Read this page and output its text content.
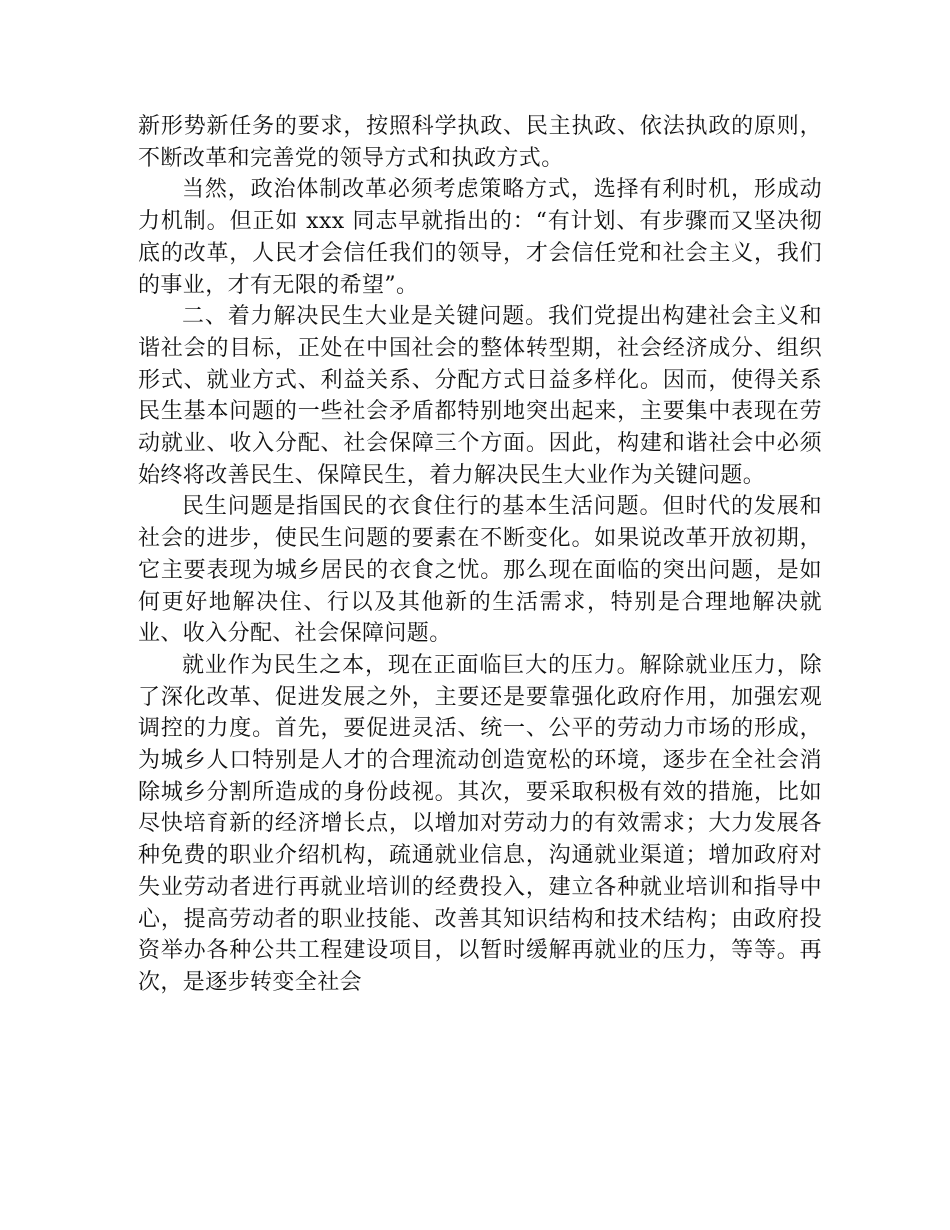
新形势新任务的要求，按照科学执政、民主执政、依法执政的原则，不断改革和完善党的领导方式和执政方式。

当然，政治体制改革必须考虑策略方式，选择有利时机，形成动力机制。但正如 xxx 同志早就指出的：“有计划、有步骤而又坚决彻底的改革，人民才会信任我们的领导，才会信任党和社会主义，我们的事业，才有无限的希望”。

二、着力解决民生大业是关键问题。我们党提出构建社会主义和谐社会的目标，正处在中国社会的整体转型期，社会经济成分、组织形式、就业方式、利益关系、分配方式日益多样化。因而，使得关系民生基本问题的一些社会矛盾都特别地突出起来，主要集中表现在劳动就业、收入分配、社会保障三个方面。因此，构建和谐社会中必须始终将改善民生、保障民生，着力解决民生大业作为关键问题。

民生问题是指国民的衣食住行的基本生活问题。但时代的发展和社会的进步，使民生问题的要素在不断变化。如果说改革开放初期，它主要表现为城乡居民的衣食之忧。那么现在面临的突出问题，是如何更好地解决住、行以及其他新的生活需求，特别是合理地解决就业、收入分配、社会保障问题。

就业作为民生之本，现在正面临巨大的压力。解除就业压力，除了深化改革、促进发展之外，主要还是要靠强化政府作用，加强宏观调控的力度。首先，要促进灵活、统一、公平的劳动力市场的形成，为城乡人口特别是人才的合理流动创造宽松的环境，逐步在全社会消除城乡分割所造成的身份歧视。其次，要采取积极有效的措施，比如尽快培育新的经济增长点，以增加对劳动力的有效需求；大力发展各种免费的职业介绍机构，疏通就业信息，沟通就业渠道；增加政府对失业劳动者进行再就业培训的经费投入，建立各种就业培训和指导中心，提高劳动者的职业技能、改善其知识结构和技术结构；由政府投资举办各种公共工程建设项目，以暂时缓解再就业的压力，等等。再次，是逐步转变全社会
